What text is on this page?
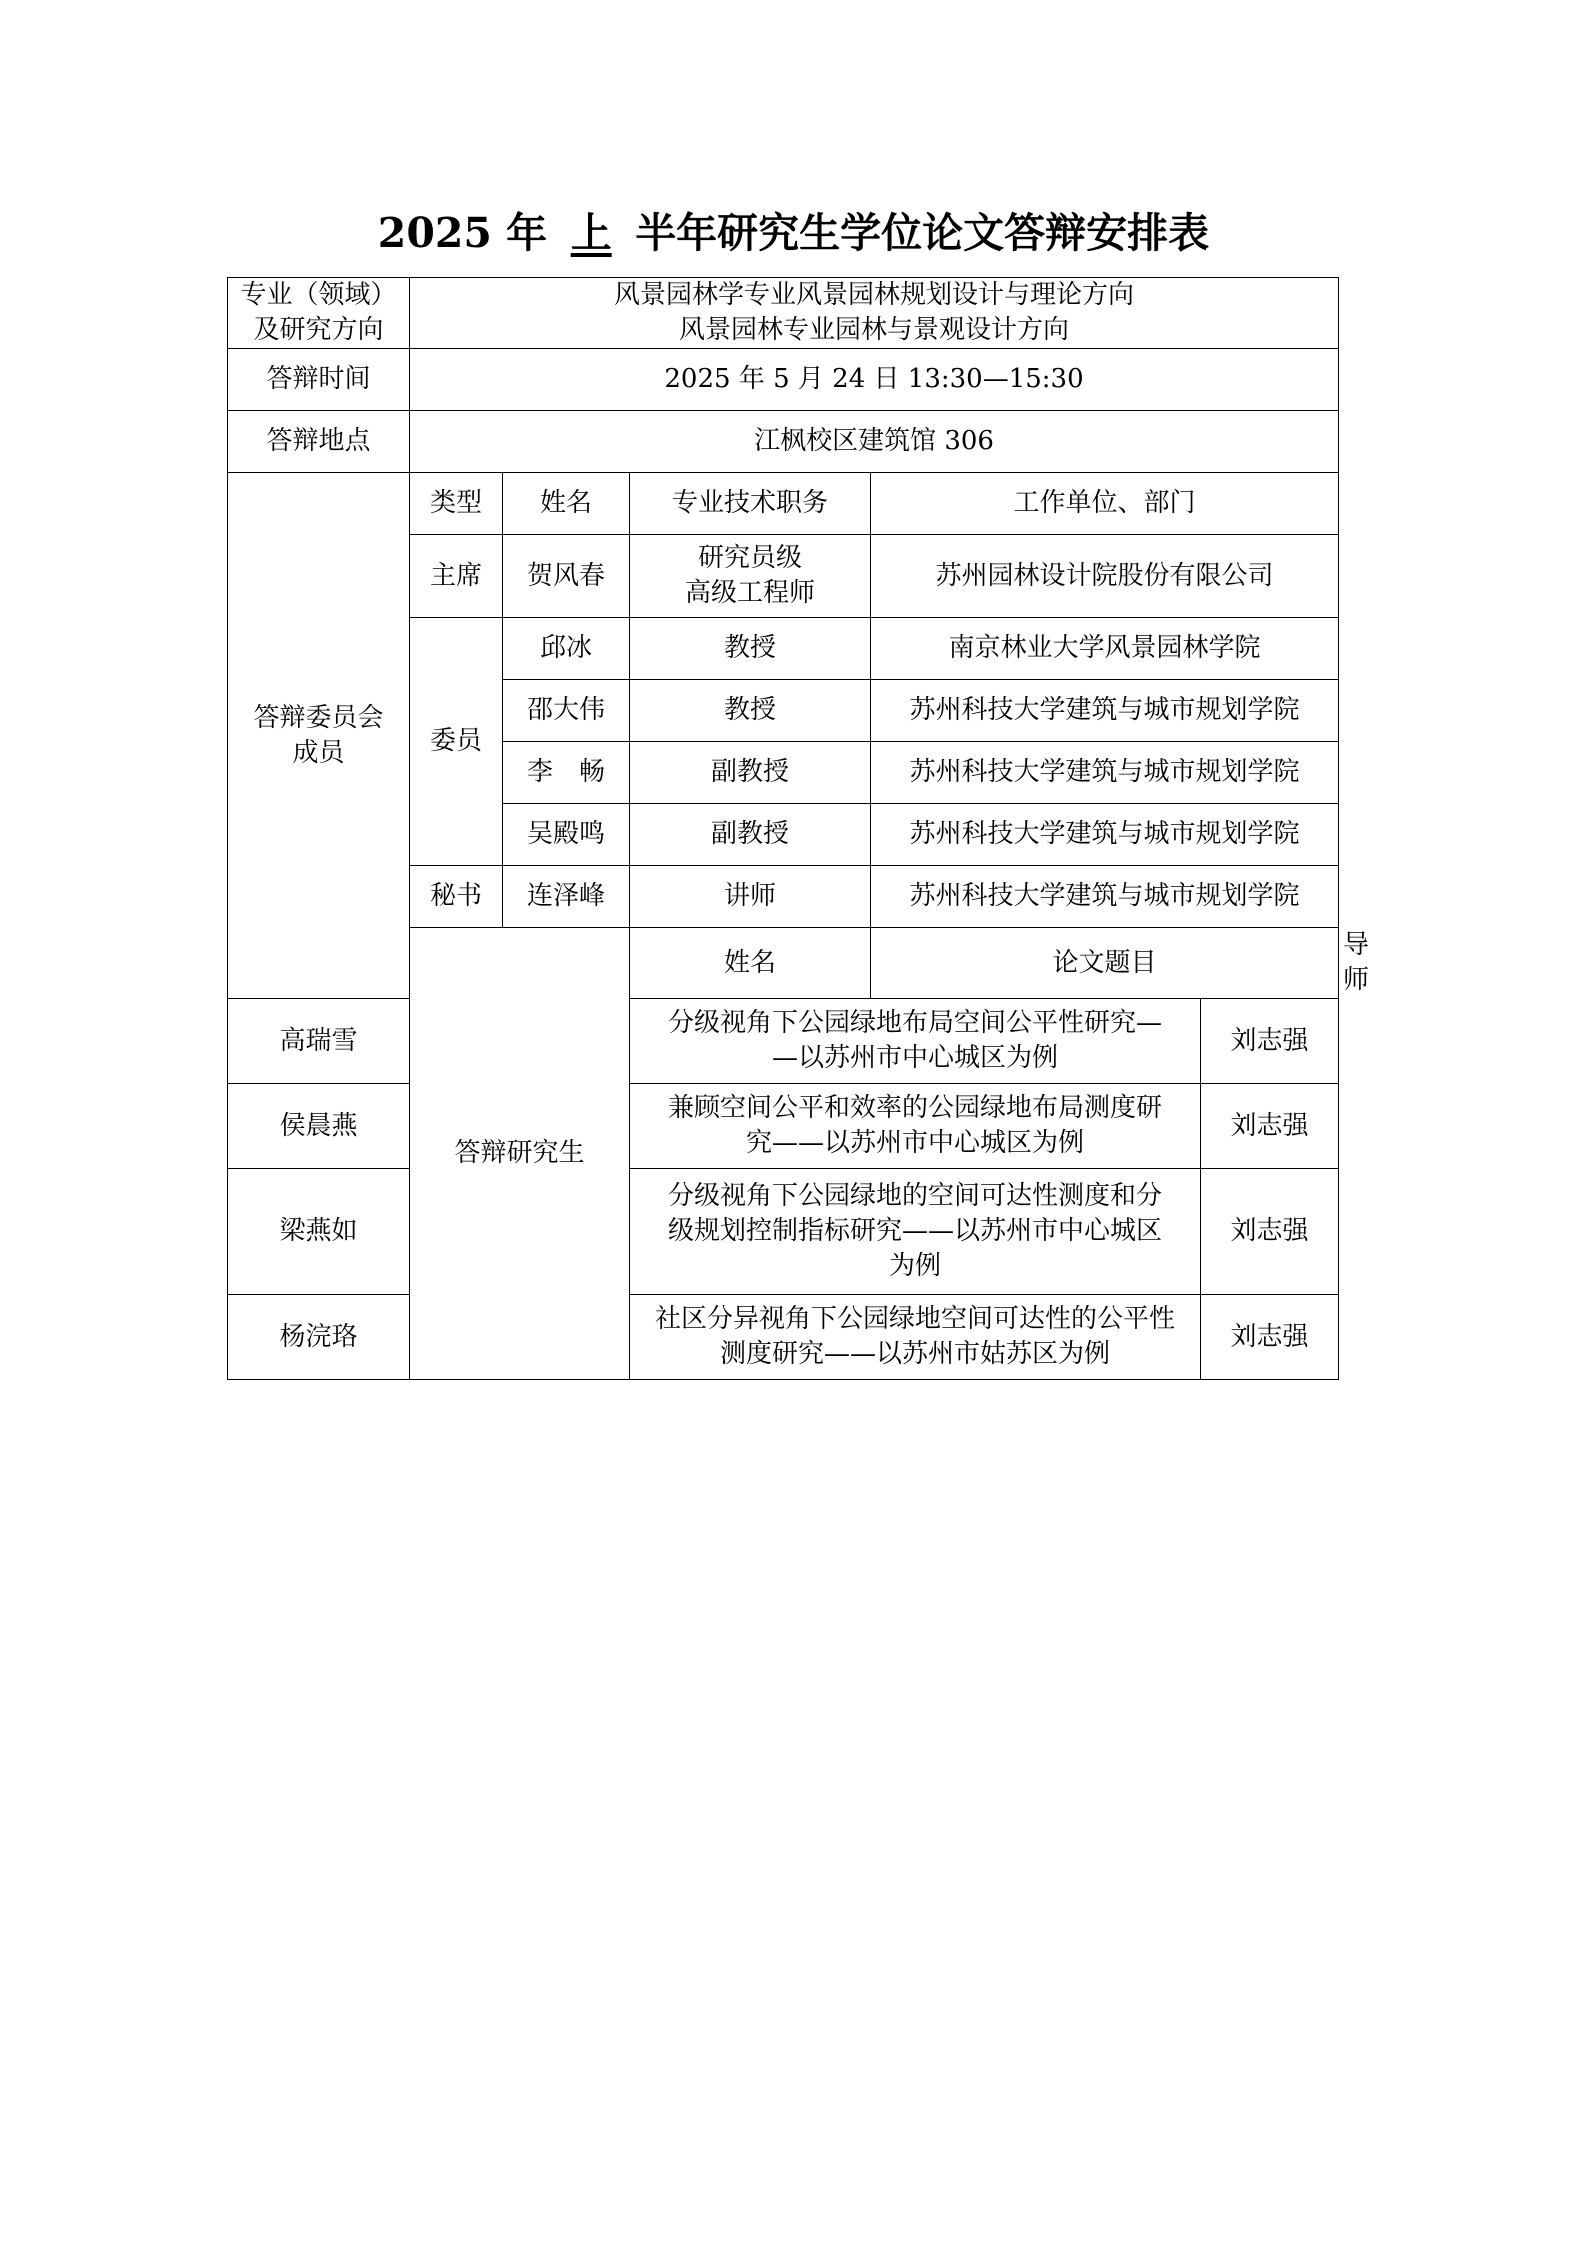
2025 年 上 半年研究生学位论文答辩安排表
专业（领域）
及研究方向	风景园林学专业风景园林规划设计与理论方向
风景园林专业园林与景观设计方向					
答辩时间	2025 年 5 月 24 日 13:30—15:30					
答辩地点	江枫校区建筑馆 306					
答辩委员会
成员	类型	姓名	专业技术职务	工作单位、部门		
	主席	贺风春	研究员级
高级工程师	苏州园林设计院股份有限公司		
	委员	邱冰	教授	南京林业大学风景园林学院		
		邵大伟	教授	苏州科技大学建筑与城市规划学院		
		李　畅	副教授	苏州科技大学建筑与城市规划学院		
		吴殿鸣	副教授	苏州科技大学建筑与城市规划学院		
	秘书	连泽峰	讲师	苏州科技大学建筑与城市规划学院		
	答辩研究生		姓名	论文题目		导师
高瑞雪			分级视角下公园绿地布局空间公平性研究—
—以苏州市中心城区为例		刘志强	
侯晨燕			兼顾空间公平和效率的公园绿地布局测度研
究——以苏州市中心城区为例		刘志强	
梁燕如			分级视角下公园绿地的空间可达性测度和分
级规划控制指标研究——以苏州市中心城区
为例		刘志强	
杨浣珞			社区分异视角下公园绿地空间可达性的公平性
测度研究——以苏州市姑苏区为例		刘志强	
